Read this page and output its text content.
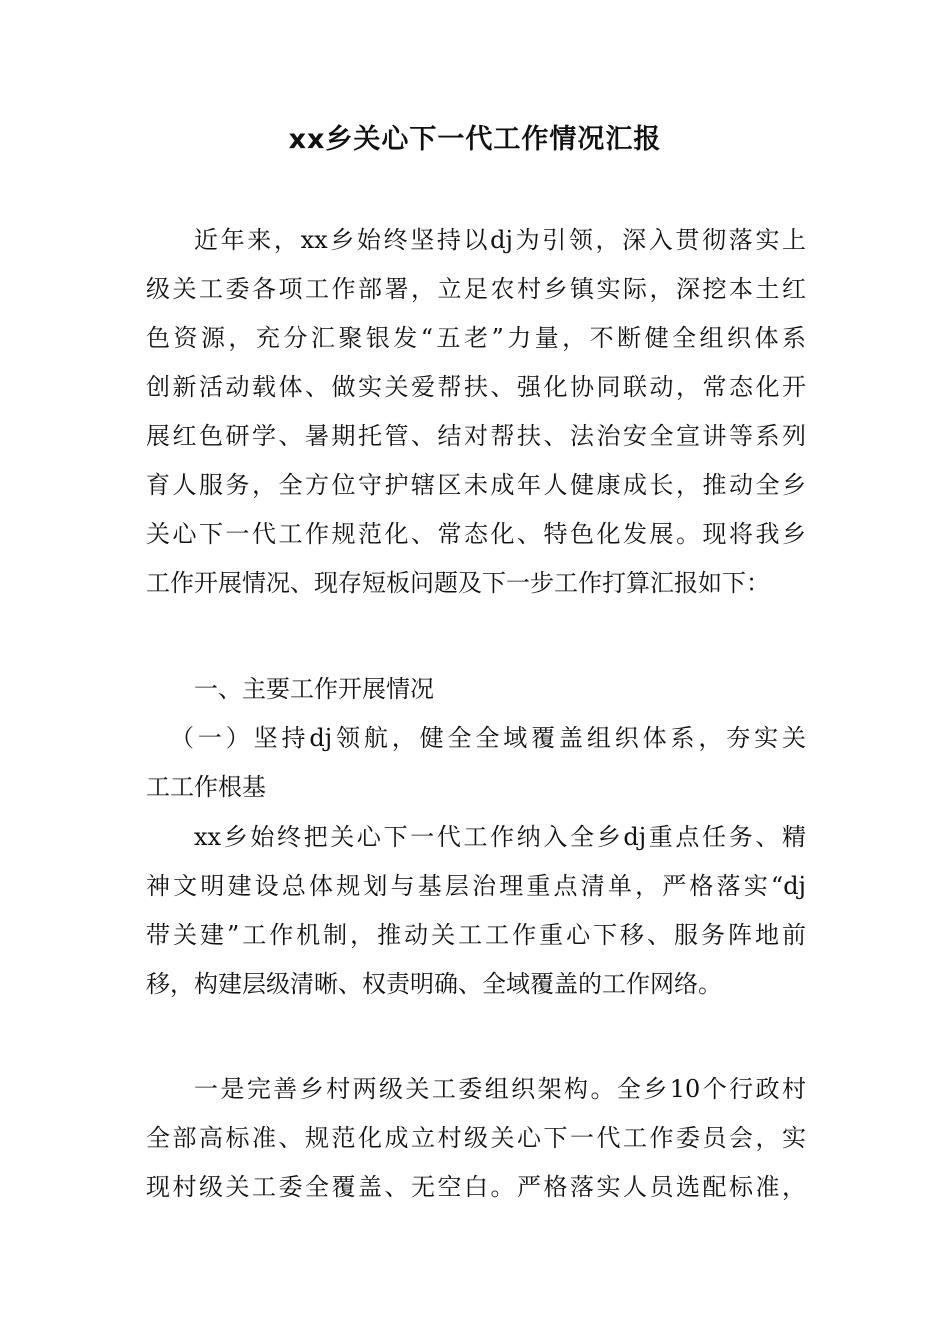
xx乡关心下一代工作情况汇报
近年来，xx乡始终坚持以dj为引领，深入贯彻落实上
级关工委各项工作部署，立足农村乡镇实际，深挖本土红
色资源，充分汇聚银发“五老”力量，不断健全组织体系
创新活动载体、做实关爱帮扶、强化协同联动，常态化开
展红色研学、暑期托管、结对帮扶、法治安全宣讲等系列
育人服务，全方位守护辖区未成年人健康成长，推动全乡
关心下一代工作规范化、常态化、特色化发展。现将我乡
工作开展情况、现存短板问题及下一步工作打算汇报如下：
一、主要工作开展情况
（一）坚持dj领航，健全全域覆盖组织体系，夯实关
工工作根基
xx乡始终把关心下一代工作纳入全乡dj重点任务、精
神文明建设总体规划与基层治理重点清单，严格落实“dj
带关建”工作机制，推动关工工作重心下移、服务阵地前
移，构建层级清晰、权责明确、全域覆盖的工作网络。
一是完善乡村两级关工委组织架构。全乡10个行政村
全部高标准、规范化成立村级关心下一代工作委员会，实
现村级关工委全覆盖、无空白。严格落实人员选配标准，
